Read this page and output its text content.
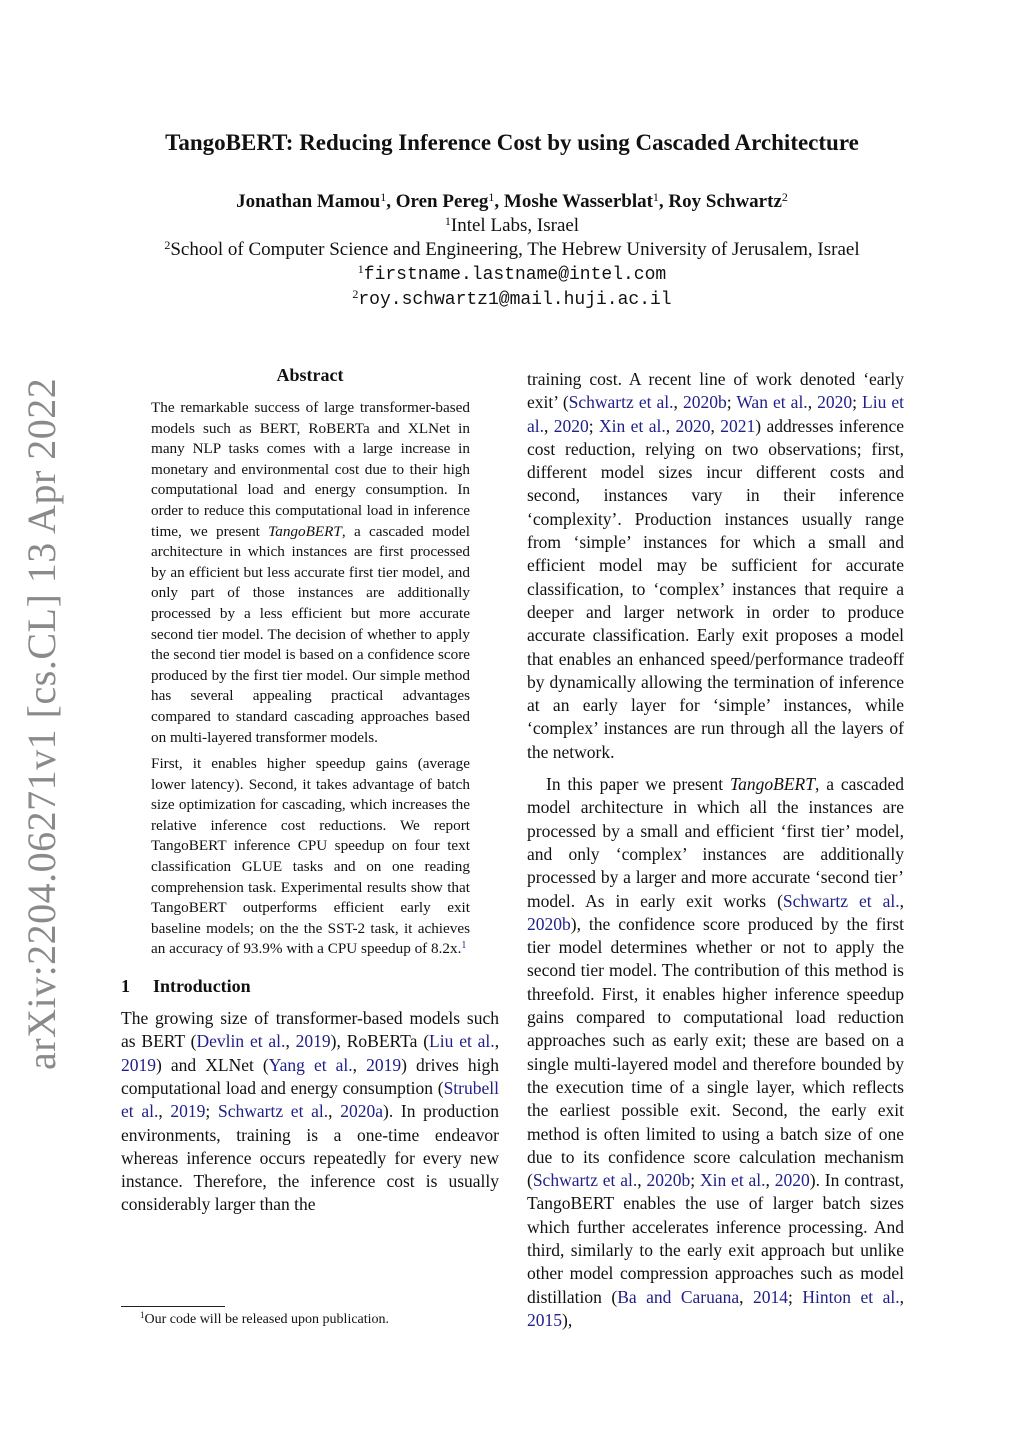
arXiv:2204.06271v1 [cs.CL] 13 Apr 2022
TangoBERT: Reducing Inference Cost by using Cascaded Architecture
Jonathan Mamou$^1$, Oren Pereg$^1$, Moshe Wasserblat$^1$, Roy Schwartz$^2$
$^1$Intel Labs, Israel
$^2$School of Computer Science and Engineering, The Hebrew University of Jerusalem, Israel
$^1$firstname.lastname@intel.com
$^2$roy.schwartz1@mail.huji.ac.il
Abstract

The remarkable success of large transformer-based models such as BERT, RoBERTa and XLNet in many NLP tasks comes with a large increase in monetary and environmental cost due to their high computational load and energy consumption. In order to reduce this computational load in inference time, we present TangoBERT, a cascaded model architecture in which instances are first processed by an efficient but less accurate first tier model, and only part of those instances are additionally processed by a less efficient but more accurate second tier model. The decision of whether to apply the second tier model is based on a confidence score produced by the first tier model. Our simple method has several appealing practical advantages compared to standard cascading approaches based on multi-layered transformer models.

First, it enables higher speedup gains (average lower latency). Second, it takes advantage of batch size optimization for cascading, which increases the relative inference cost reductions. We report TangoBERT inference CPU speedup on four text classification GLUE tasks and on one reading comprehension task. Experimental results show that TangoBERT outperforms efficient early exit baseline models; on the the SST-2 task, it achieves an accuracy of 93.9% with a CPU speedup of 8.2x.$^1$

1 Introduction

The growing size of transformer-based models such as BERT (Devlin et al., 2019), RoBERTa (Liu et al., 2019) and XLNet (Yang et al., 2019) drives high computational load and energy consumption (Strubell et al., 2019; Schwartz et al., 2020a). In production environments, training is a one-time endeavor whereas inference occurs repeatedly for every new instance. Therefore, the inference cost is usually considerably larger than the

training cost. A recent line of work denoted ‘early exit’ (Schwartz et al., 2020b; Wan et al., 2020; Liu et al., 2020; Xin et al., 2020, 2021) addresses inference cost reduction, relying on two observations; first, different model sizes incur different costs and second, instances vary in their inference ‘complexity’. Production instances usually range from ‘simple’ instances for which a small and efficient model may be sufficient for accurate classification, to ‘complex’ instances that require a deeper and larger network in order to produce accurate classification. Early exit proposes a model that enables an enhanced speed/performance tradeoff by dynamically allowing the termination of inference at an early layer for ‘simple’ instances, while ‘complex’ instances are run through all the layers of the network.

In this paper we present TangoBERT, a cascaded model architecture in which all the instances are processed by a small and efficient ‘first tier’ model, and only ‘complex’ instances are additionally processed by a larger and more accurate ‘second tier’ model. As in early exit works (Schwartz et al., 2020b), the confidence score produced by the first tier model determines whether or not to apply the second tier model. The contribution of this method is threefold. First, it enables higher inference speedup gains compared to computational load reduction approaches such as early exit; these are based on a single multi-layered model and therefore bounded by the execution time of a single layer, which reflects the earliest possible exit. Second, the early exit method is often limited to using a batch size of one due to its confidence score calculation mechanism (Schwartz et al., 2020b; Xin et al., 2020). In contrast, TangoBERT enables the use of larger batch sizes which further accelerates inference processing. And third, similarly to the early exit approach but unlike other model compression approaches such as model distillation (Ba and Caruana, 2014; Hinton et al., 2015),

$^1$Our code will be released upon publication.
